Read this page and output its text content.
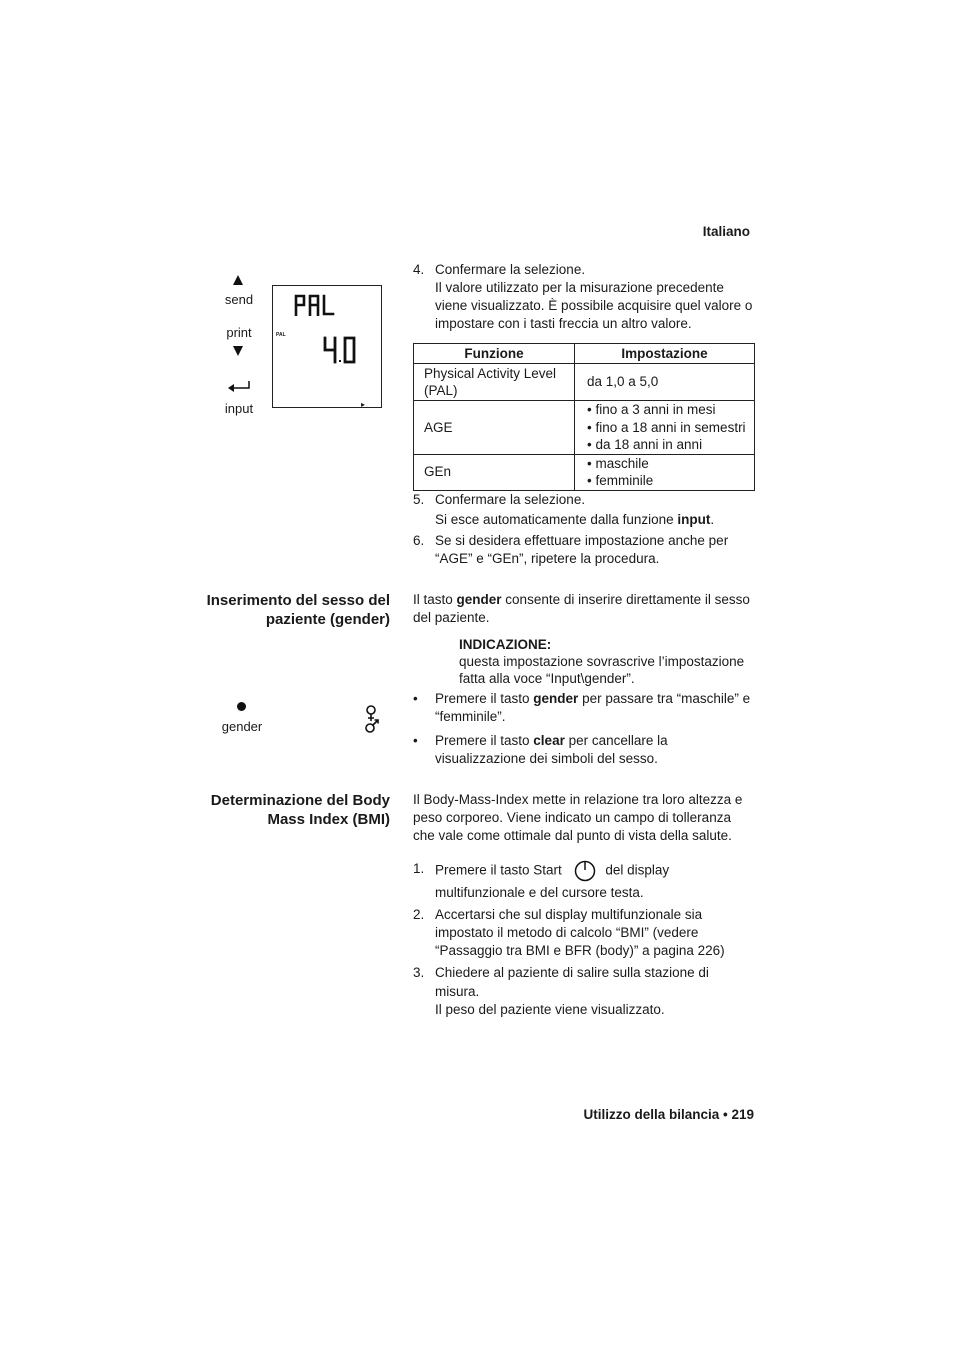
Italiano
send
print
input
PAL
▸
4. Confermare la selezione.
Il valore utilizzato per la misurazione precedente viene visualizzato. È possibile acquisire quel valore o impostare con i tasti freccia un altro valore.
Funzione	Impostazione
Physical Activity Level (PAL)	da 1,0 a 5,0
AGE	• fino a 3 anni in mesi
• fino a 18 anni in semestri
• da 18 anni in anni

GEn	• maschile
• femminile
5. Confermare la selezione.
Si esce automaticamente dalla funzione input.
6. Se si desidera effettuare impostazione anche per “AGE” e “GEn”, ripetere la procedura.
Inserimento del sesso del paziente (gender)
Il tasto gender consente di inserire direttamente il sesso del paziente.
INDICAZIONE:
questa impostazione sovrascrive l’impostazione fatta alla voce “Input\gender”.
gender
•	Premere il tasto gender per passare tra “maschile” e “femminile”.
•	Premere il tasto clear per cancellare la visualizzazione dei simboli del sesso.
Determinazione del Body Mass Index (BMI)
Il Body-Mass-Index mette in relazione tra loro altezza e peso corporeo. Viene indicato un campo di tolleranza che vale come ottimale dal punto di vista della salute.
1. Premere il tasto Start	del display
multifunzionale e del cursore testa.
2. Accertarsi che sul display multifunzionale sia impostato il metodo di calcolo “BMI” (vedere “Passaggio tra BMI e BFR (body)” a pagina 226)
3. Chiedere al paziente di salire sulla stazione di misura.
Il peso del paziente viene visualizzato.
Utilizzo della bilancia • 219
